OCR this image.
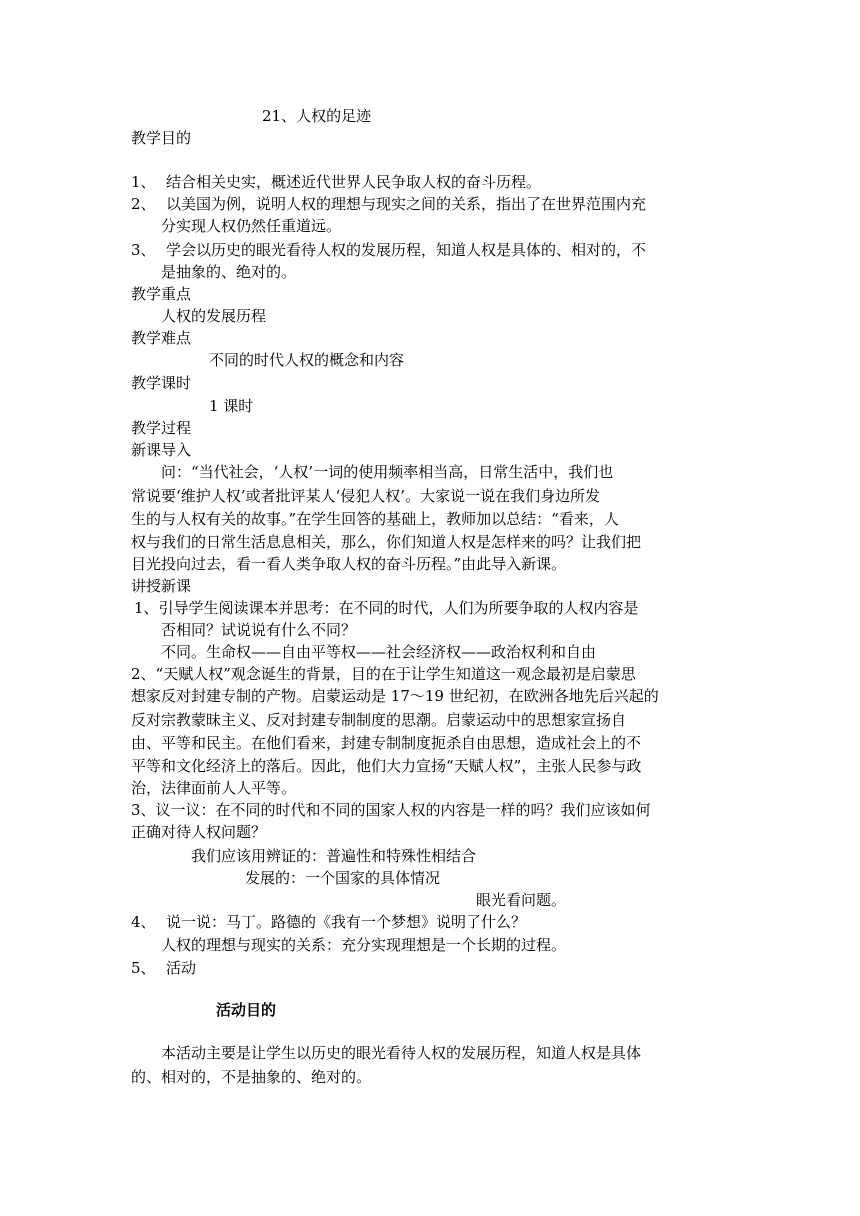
21、人权的足迹
教学目的
1、 结合相关史实，概述近代世界人民争取人权的奋斗历程。
2、 以美国为例，说明人权的理想与现实之间的关系，指出了在世界范围内充
分实现人权仍然任重道远。
3、 学会以历史的眼光看待人权的发展历程，知道人权是具体的、相对的，不
是抽象的、绝对的。
教学重点
人权的发展历程
教学难点
不同的时代人权的概念和内容
教学课时
1 课时
教学过程
新课导入
问：“当代社会，‘人权’一词的使用频率相当高，日常生活中，我们也
常说要‘维护人权’或者批评某人‘侵犯人权’。大家说一说在我们身边所发
生的与人权有关的故事。”在学生回答的基础上，教师加以总结：“看来，人
权与我们的日常生活息息相关，那么，你们知道人权是怎样来的吗？让我们把
目光投向过去，看一看人类争取人权的奋斗历程。”由此导入新课。
讲授新课
1、引导学生阅读课本并思考：在不同的时代，人们为所要争取的人权内容是
否相同？试说说有什么不同？
不同。生命权——自由平等权——社会经济权——政治权利和自由
2、“天赋人权”观念诞生的背景，目的在于让学生知道这一观念最初是启蒙思
想家反对封建专制的产物。启蒙运动是 17～19 世纪初，在欧洲各地先后兴起的
反对宗教蒙昧主义、反对封建专制制度的思潮。启蒙运动中的思想家宣扬自
由、平等和民主。在他们看来，封建专制制度扼杀自由思想，造成社会上的不
平等和文化经济上的落后。因此，他们大力宣扬“天赋人权”，主张人民参与政
治，法律面前人人平等。
3、议一议：在不同的时代和不同的国家人权的内容是一样的吗？我们应该如何
正确对待人权问题？
我们应该用辨证的：普遍性和特殊性相结合
发展的：一个国家的具体情况
眼光看问题。
4、 说一说：马丁。路德的《我有一个梦想》说明了什么？
人权的理想与现实的关系：充分实现理想是一个长期的过程。
5、 活动
活动目的
本活动主要是让学生以历史的眼光看待人权的发展历程，知道人权是具体
的、相对的，不是抽象的、绝对的。
